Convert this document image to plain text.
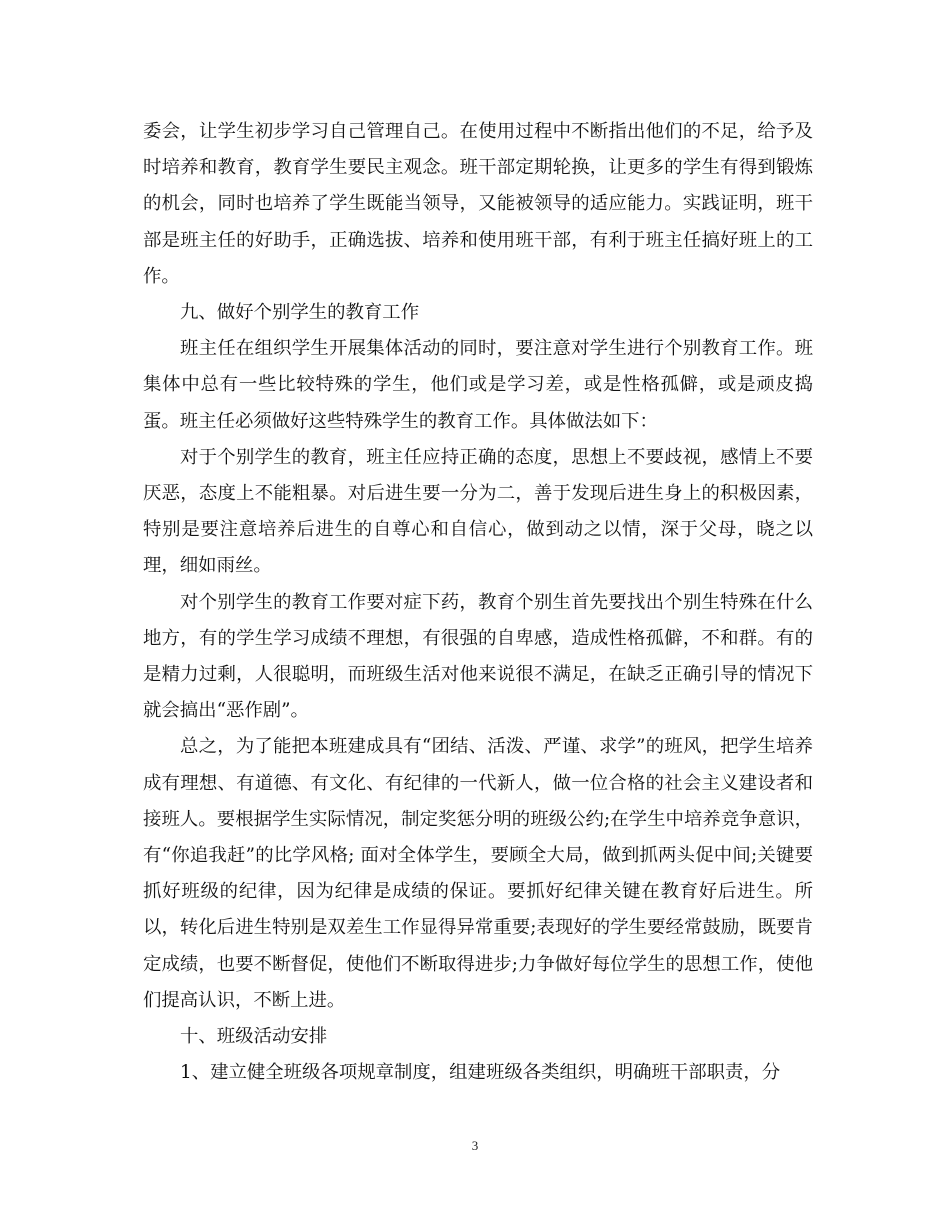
委会，让学生初步学习自己管理自己。在使用过程中不断指出他们的不足，给予及时培养和教育，教育学生要民主观念。班干部定期轮换，让更多的学生有得到锻炼的机会，同时也培养了学生既能当领导，又能被领导的适应能力。实践证明，班干部是班主任的好助手，正确选拔、培养和使用班干部，有利于班主任搞好班上的工作。

九、做好个别学生的教育工作

班主任在组织学生开展集体活动的同时，要注意对学生进行个别教育工作。班集体中总有一些比较特殊的学生，他们或是学习差，或是性格孤僻，或是顽皮捣蛋。班主任必须做好这些特殊学生的教育工作。具体做法如下：

对于个别学生的教育，班主任应持正确的态度，思想上不要歧视，感情上不要厌恶，态度上不能粗暴。对后进生要一分为二，善于发现后进生身上的积极因素，特别是要注意培养后进生的自尊心和自信心，做到动之以情，深于父母，晓之以理，细如雨丝。

对个别学生的教育工作要对症下药，教育个别生首先要找出个别生特殊在什么地方，有的学生学习成绩不理想，有很强的自卑感，造成性格孤僻，不和群。有的是精力过剩，人很聪明，而班级生活对他来说很不满足，在缺乏正确引导的情况下就会搞出“恶作剧”。

总之，为了能把本班建成具有“团结、活泼、严谨、求学”的班风，把学生培养成有理想、有道德、有文化、有纪律的一代新人，做一位合格的社会主义建设者和接班人。要根据学生实际情况，制定奖惩分明的班级公约;在学生中培养竞争意识，有“你追我赶”的比学风格; 面对全体学生，要顾全大局，做到抓两头促中间;关键要抓好班级的纪律，因为纪律是成绩的保证。要抓好纪律关键在教育好后进生。所以，转化后进生特别是双差生工作显得异常重要;表现好的学生要经常鼓励，既要肯定成绩，也要不断督促，使他们不断取得进步;力争做好每位学生的思想工作，使他们提高认识，不断上进。

十、班级活动安排

1、建立健全班级各项规章制度，组建班级各类组织，明确班干部职责，分

3
